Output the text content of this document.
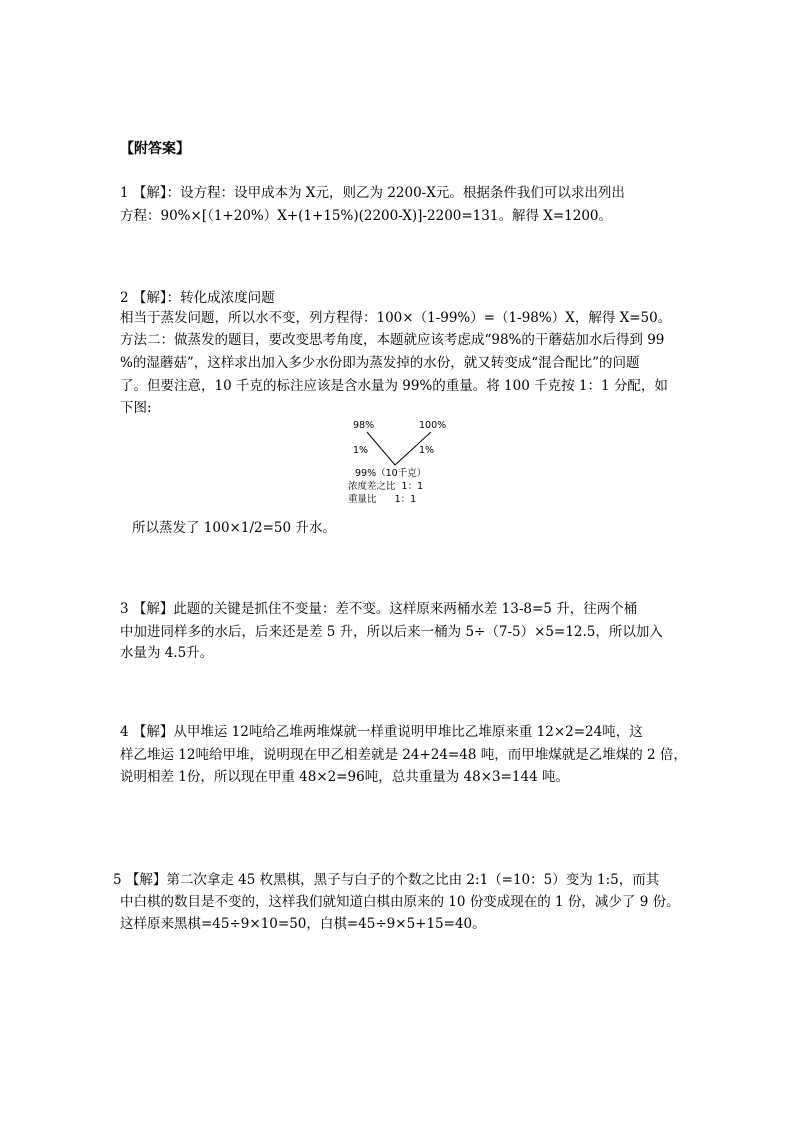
【附答案】
1 【解】：设方程：设甲成本为 X元，则乙为 2200-X元。根据条件我们可以求出列出
方程：90%×[（1+20%）X+(1+15%)(2200-X)]-2200=131。解得 X=1200。
2 【解】：转化成浓度问题
相当于蒸发问题，所以水不变，列方程得：100×（1-99%）=（1-98%）X，解得 X=50。
方法二：做蒸发的题目，要改变思考角度，本题就应该考虑成“98%的干蘑菇加水后得到 99
%的湿蘑菇”，这样求出加入多少水份即为蒸发掉的水份，就又转变成“混合配比”的问题
了。但要注意，10 千克的标注应该是含水量为 99%的重量。将 100 千克按 1：1 分配，如
下图:
98%	100%
1%	1%
99%（10千克）
浓度差之比  1：1
重量比      1：1
所以蒸发了 100×1/2=50 升水。
3 【解】此题的关键是抓住不变量：差不变。这样原来两桶水差 13-8=5 升，往两个桶
中加进同样多的水后，后来还是差 5 升，所以后来一桶为 5÷（7-5）×5=12.5，所以加入
水量为 4.5升。
4 【解】从甲堆运 12吨给乙堆两堆煤就一样重说明甲堆比乙堆原来重 12×2=24吨，这
样乙堆运 12吨给甲堆，说明现在甲乙相差就是 24+24=48 吨，而甲堆煤就是乙堆煤的 2 倍，
说明相差 1份，所以现在甲重 48×2=96吨，总共重量为 48×3=144 吨。
5 【解】第二次拿走 45 枚黑棋，黑子与白子的个数之比由 2:1（=10：5）变为 1:5，而其
中白棋的数目是不变的，这样我们就知道白棋由原来的 10 份变成现在的 1 份，减少了 9 份。
这样原来黑棋=45÷9×10=50，白棋=45÷9×5+15=40。
